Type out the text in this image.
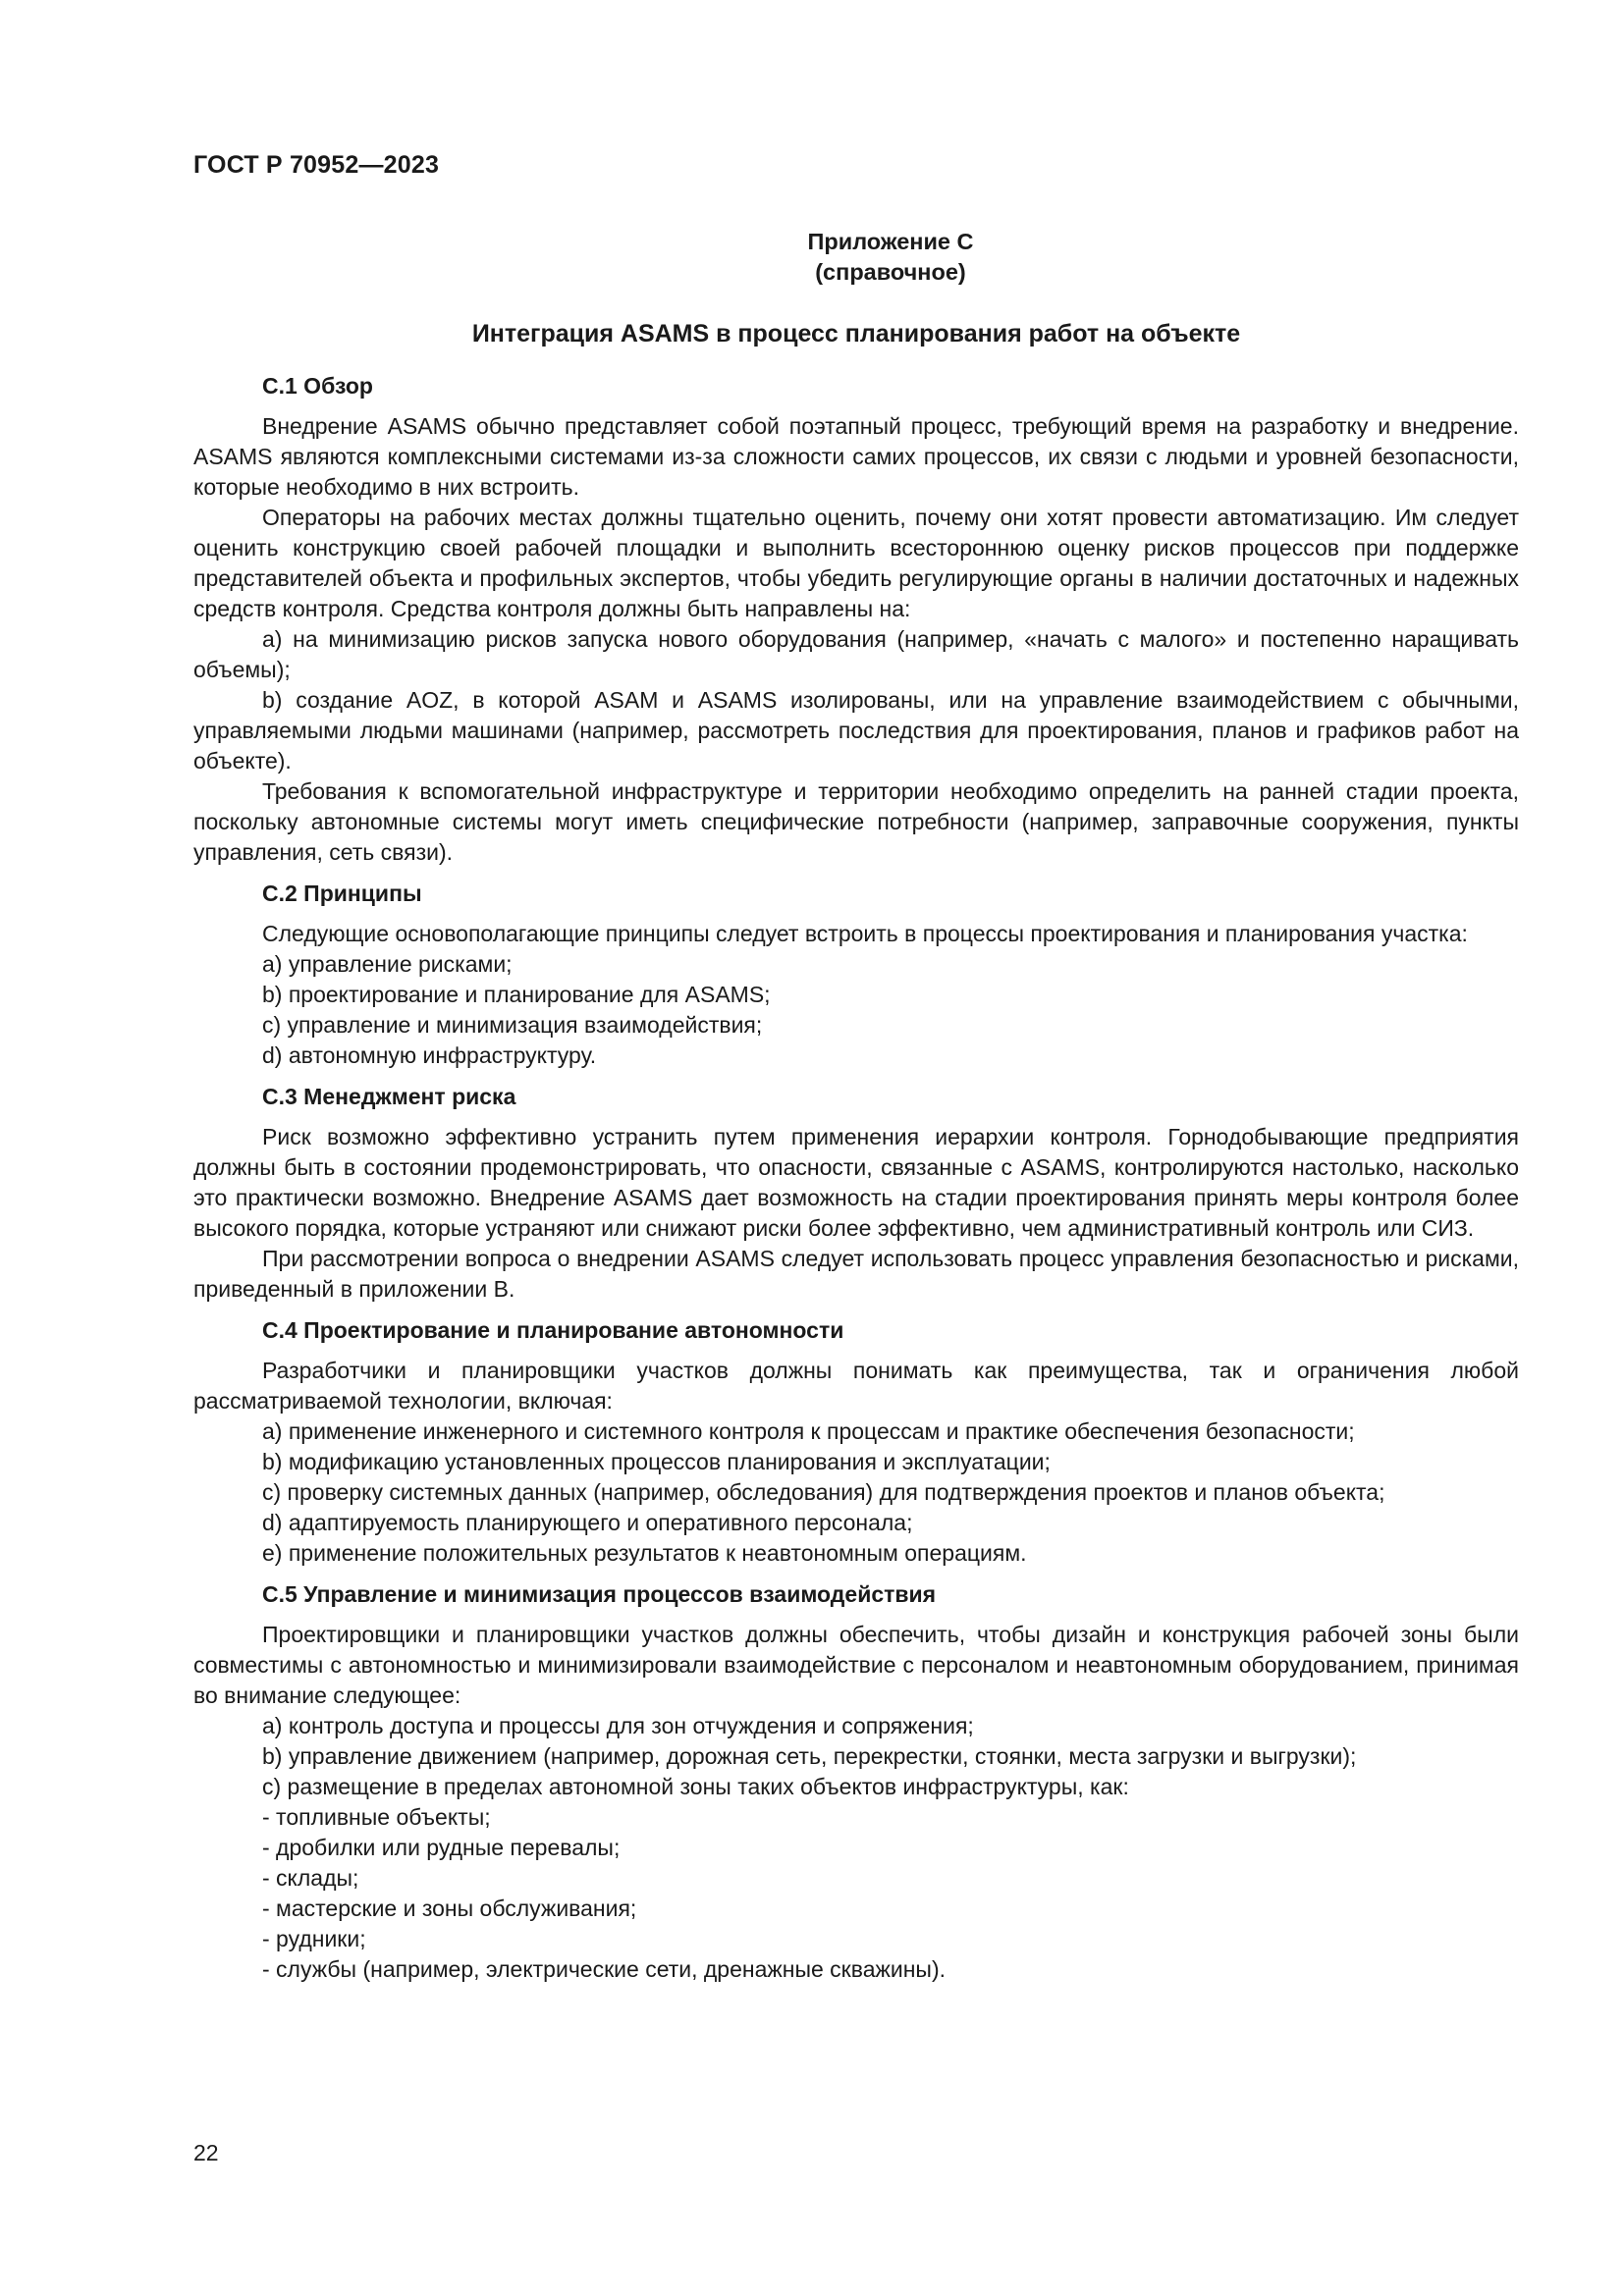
ГОСТ Р 70952—2023
Приложение С
(справочное)
Интеграция ASAMS в процесс планирования работ на объекте
С.1 Обзор

Внедрение ASAMS обычно представляет собой поэтапный процесс, требующий время на разработку и внедрение. ASAMS являются комплексными системами из-за сложности самих процессов, их связи с людьми и уровней безопасности, которые необходимо в них встроить.

Операторы на рабочих местах должны тщательно оценить, почему они хотят провести автоматизацию. Им следует оценить конструкцию своей рабочей площадки и выполнить всестороннюю оценку рисков процессов при поддержке представителей объекта и профильных экспертов, чтобы убедить регулирующие органы в наличии достаточных и надежных средств контроля. Средства контроля должны быть направлены на:

a) на минимизацию рисков запуска нового оборудования (например, «начать с малого» и постепенно наращивать объемы);

b) создание AOZ, в которой ASAM и ASAMS изолированы, или на управление взаимодействием с обычными, управляемыми людьми машинами (например, рассмотреть последствия для проектирования, планов и графиков работ на объекте).

Требования к вспомогательной инфраструктуре и территории необходимо определить на ранней стадии проекта, поскольку автономные системы могут иметь специфические потребности (например, заправочные сооружения, пункты управления, сеть связи).

С.2 Принципы

Следующие основополагающие принципы следует встроить в процессы проектирования и планирования участка:

a) управление рисками;

b) проектирование и планирование для ASAMS;

c) управление и минимизация взаимодействия;

d) автономную инфраструктуру.

С.3 Менеджмент риска

Риск возможно эффективно устранить путем применения иерархии контроля. Горнодобывающие предприятия должны быть в состоянии продемонстрировать, что опасности, связанные с ASAMS, контролируются настолько, насколько это практически возможно. Внедрение ASAMS дает возможность на стадии проектирования принять меры контроля более высокого порядка, которые устраняют или снижают риски более эффективно, чем административный контроль или СИЗ.

При рассмотрении вопроса о внедрении ASAMS следует использовать процесс управления безопасностью и рисками, приведенный в приложении В.

С.4 Проектирование и планирование автономности

Разработчики и планировщики участков должны понимать как преимущества, так и ограничения любой рассматриваемой технологии, включая:

a) применение инженерного и системного контроля к процессам и практике обеспечения безопасности;

b) модификацию установленных процессов планирования и эксплуатации;

c) проверку системных данных (например, обследования) для подтверждения проектов и планов объекта;

d) адаптируемость планирующего и оперативного персонала;

e) применение положительных результатов к неавтономным операциям.

С.5 Управление и минимизация процессов взаимодействия

Проектировщики и планировщики участков должны обеспечить, чтобы дизайн и конструкция рабочей зоны были совместимы с автономностью и минимизировали взаимодействие с персоналом и неавтономным оборудованием, принимая во внимание следующее:

a) контроль доступа и процессы для зон отчуждения и сопряжения;

b) управление движением (например, дорожная сеть, перекрестки, стоянки, места загрузки и выгрузки);

c) размещение в пределах автономной зоны таких объектов инфраструктуры, как:

- топливные объекты;

- дробилки или рудные перевалы;

- склады;

- мастерские и зоны обслуживания;

- рудники;

- службы (например, электрические сети, дренажные скважины).

22
